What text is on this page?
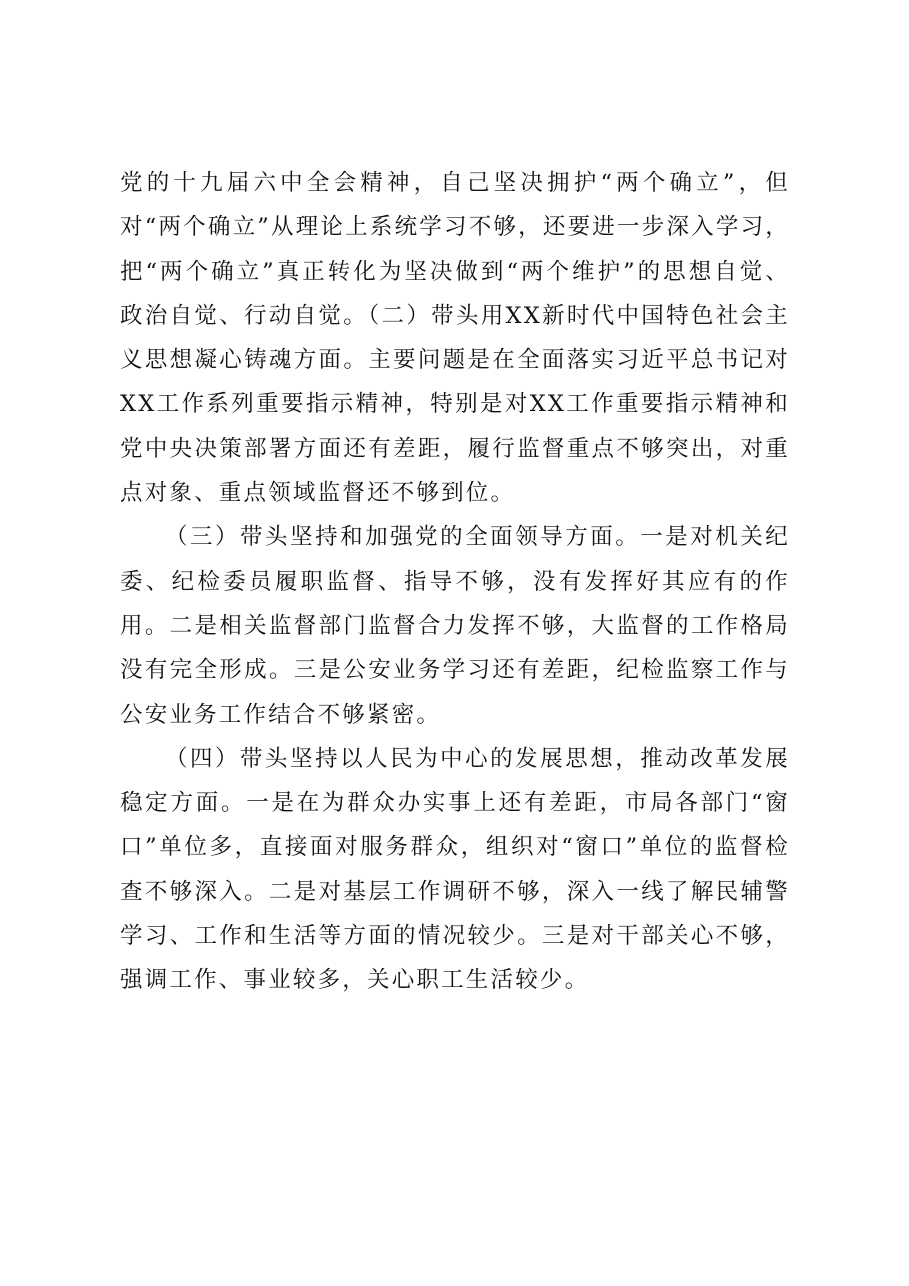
党的十九届六中全会精神，自己坚决拥护“两个确立”，但对“两个确立”从理论上系统学习不够，还要进一步深入学习，把“两个确立”真正转化为坚决做到“两个维护”的思想自觉、政治自觉、行动自觉。（二）带头用XX新时代中国特色社会主义思想凝心铸魂方面。主要问题是在全面落实习近平总书记对XX工作系列重要指示精神，特别是对XX工作重要指示精神和党中央决策部署方面还有差距，履行监督重点不够突出，对重点对象、重点领域监督还不够到位。

（三）带头坚持和加强党的全面领导方面。一是对机关纪委、纪检委员履职监督、指导不够，没有发挥好其应有的作用。二是相关监督部门监督合力发挥不够，大监督的工作格局没有完全形成。三是公安业务学习还有差距，纪检监察工作与公安业务工作结合不够紧密。

（四）带头坚持以人民为中心的发展思想，推动改革发展稳定方面。一是在为群众办实事上还有差距，市局各部门“窗口”单位多，直接面对服务群众，组织对“窗口”单位的监督检查不够深入。二是对基层工作调研不够，深入一线了解民辅警学习、工作和生活等方面的情况较少。三是对干部关心不够，强调工作、事业较多，关心职工生活较少。
